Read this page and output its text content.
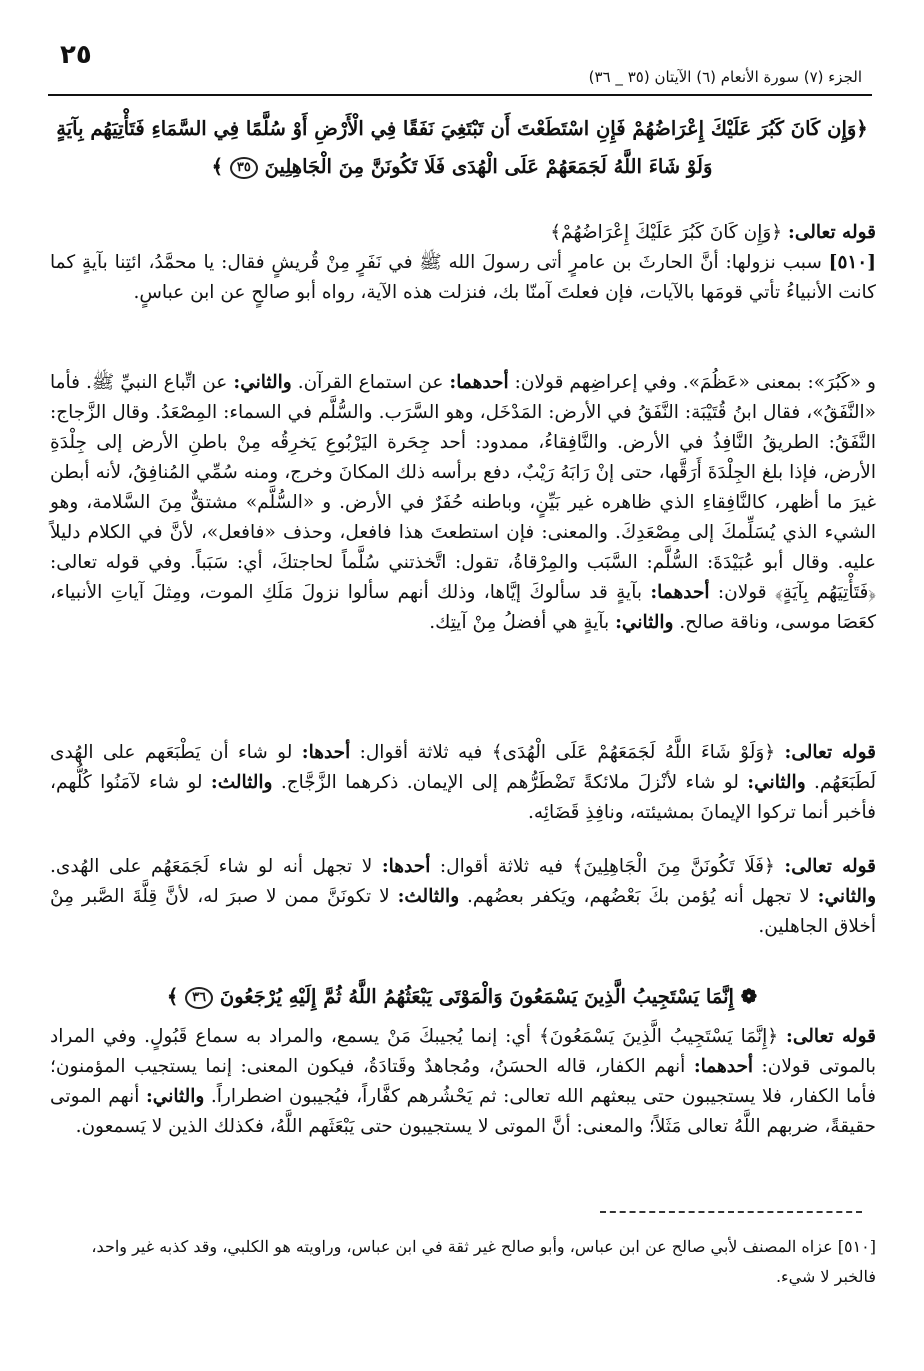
٢٥
الجزء (٧) سورة الأنعام (٦) الآيتان (٣٥ _ ٣٦)
﴿وَإِن كَانَ كَبُرَ عَلَيْكَ إِعْرَاضُهُمْ فَإِنِ اسْتَطَعْتَ أَن تَبْتَغِيَ نَفَقًا فِي الْأَرْضِ أَوْ سُلَّمًا فِي السَّمَاءِ فَتَأْتِيَهُم بِآيَةٍ
وَلَوْ شَاءَ اللَّهُ لَجَمَعَهُمْ عَلَى الْهُدَى فَلَا تَكُونَنَّ مِنَ الْجَاهِلِينَ ٣٥ ﴾

قوله تعالى: ﴿وَإِن كَانَ كَبُرَ عَلَيْكَ إِعْرَاضُهُمْ﴾

[٥١٠] سبب نزولها: أنَّ الحارثَ بن عامرٍ أتى رسولَ الله ﷺ في نَفَرٍ مِنْ قُريشٍ فقال: يا محمَّدُ، ائتِنا بآيةٍ كما كانت الأنبياءُ تأتي قومَها بالآيات، فإن فعلتَ آمنّا بك، فنزلت هذه الآية، رواه أبو صالحٍ عن ابن عباسٍ.

و «كَبُرَ»: بمعنى «عَظُمَ». وفي إعراضِهم قولان: أحدهما: عن استماع القرآن. والثاني: عن اتِّباع النبيِّ ﷺ. فأما «النَّفَقُ»، فقال ابنُ قُتَيْبَة: النَّفَقُ في الأرض: المَدْخَل، وهو السَّرَب. والسُّلَّم في السماء: المِصْعَدُ. وقال الزَّجاج: النَّفَقُ: الطريقُ النَّافِذُ في الأرض. والنَّافِقاءُ، ممدود: أحد جِحَرة اليَرْبُوعِ يَخرِقُه مِنْ باطنِ الأرض إلى جِلْدَةِ الأرض، فإذا بلغ الجِلْدَةَ أَرَقَّها، حتى إنْ رَابَهُ رَيْبٌ، دفع برأسه ذلك المكانَ وخرج، ومنه سُمِّي المُنافِقُ، لأنه أبطن غيرَ ما أظهر، كالنَّافِقاءِ الذي ظاهره غير بَيِّنٍ، وباطنه حُفَرٌ في الأرض. و «السُّلَّم» مشتقٌّ مِنَ السَّلامة، وهو الشيء الذي يُسَلِّمكَ إلى مِصْعَدِكَ. والمعنى: فإن استطعتَ هذا فافعل، وحذف «فافعل»، لأنَّ في الكلام دليلاً عليه. وقال أبو عُبَيْدَةَ: السُّلَّم: السَّبَب والمِرْقاةُ، تقول: اتَّخذتني سُلَّماً لحاجتكَ، أي: سَبَباً. وفي قوله تعالى: ﴿فَتَأْتِيَهُم بِآيَةٍ﴾ قولان: أحدهما: بآيةٍ قد سألوكَ إيَّاها، وذلك أنهم سألوا نزولَ مَلَكِ الموت، ومِثلَ آياتِ الأنبياء، كعَصَا موسى، وناقة صالح. والثاني: بآيةٍ هي أفضلُ مِنْ آيتِك.

قوله تعالى: ﴿وَلَوْ شَاءَ اللَّهُ لَجَمَعَهُمْ عَلَى الْهُدَى﴾ فيه ثلاثة أقوال: أحدها: لو شاء أن يَطْبَعَهم على الهُدى لَطَبَعَهُم. والثاني: لو شاء لأنْزلَ ملائكةً تَضْطَرُّهم إلى الإيمان. ذكرهما الزَّجَّاج. والثالث: لو شاء لآمَنُوا كُلُّهم، فأخبر أنما تركوا الإيمانَ بمشيئته، ونافِذِ قَضَائِه.

قوله تعالى: ﴿فَلَا تَكُونَنَّ مِنَ الْجَاهِلِينَ﴾ فيه ثلاثة أقوال: أحدها: لا تجهل أنه لو شاء لَجَمَعَهُم على الهُدى. والثاني: لا تجهل أنه يُؤمن بكَ بَعْضُهم، ويَكفر بعضُهم. والثالث: لا تكونَنَّ ممن لا صبرَ له، لأنَّ قِلَّةَ الصَّبر مِنْ أخلاق الجاهلين.

❁ إِنَّمَا يَسْتَجِيبُ الَّذِينَ يَسْمَعُونَ وَالْمَوْتَى يَبْعَثُهُمُ اللَّهُ ثُمَّ إِلَيْهِ يُرْجَعُونَ ٣٦ ﴾

قوله تعالى: ﴿إِنَّمَا يَسْتَجِيبُ الَّذِينَ يَسْمَعُونَ﴾ أي: إنما يُجيبكَ مَنْ يسمع، والمراد به سماع قَبُولٍ. وفي المراد بالموتى قولان: أحدهما: أنهم الكفار، قاله الحسَنُ، ومُجاهدٌ وقَتادَةُ، فيكون المعنى: إنما يستجيب المؤمنون؛ فأما الكفار، فلا يستجيبون حتى يبعثهم الله تعالى: ثم يَحْشُرهم كفَّاراً، فيُجيبون اضطراراً. والثاني: أنهم الموتى حقيقةً، ضربهم اللَّهُ تعالى مَثَلاً؛ والمعنى: أنَّ الموتى لا يستجيبون حتى يَبْعَثَهم اللَّهُ، فكذلك الذين لا يَسمعون.

[٥١٠] عزاه المصنف لأبي صالح عن ابن عباس، وأبو صالح غير ثقة في ابن عباس، وراويته هو الكلبي، وقد كذبه غير واحد، فالخبر لا شيء.
